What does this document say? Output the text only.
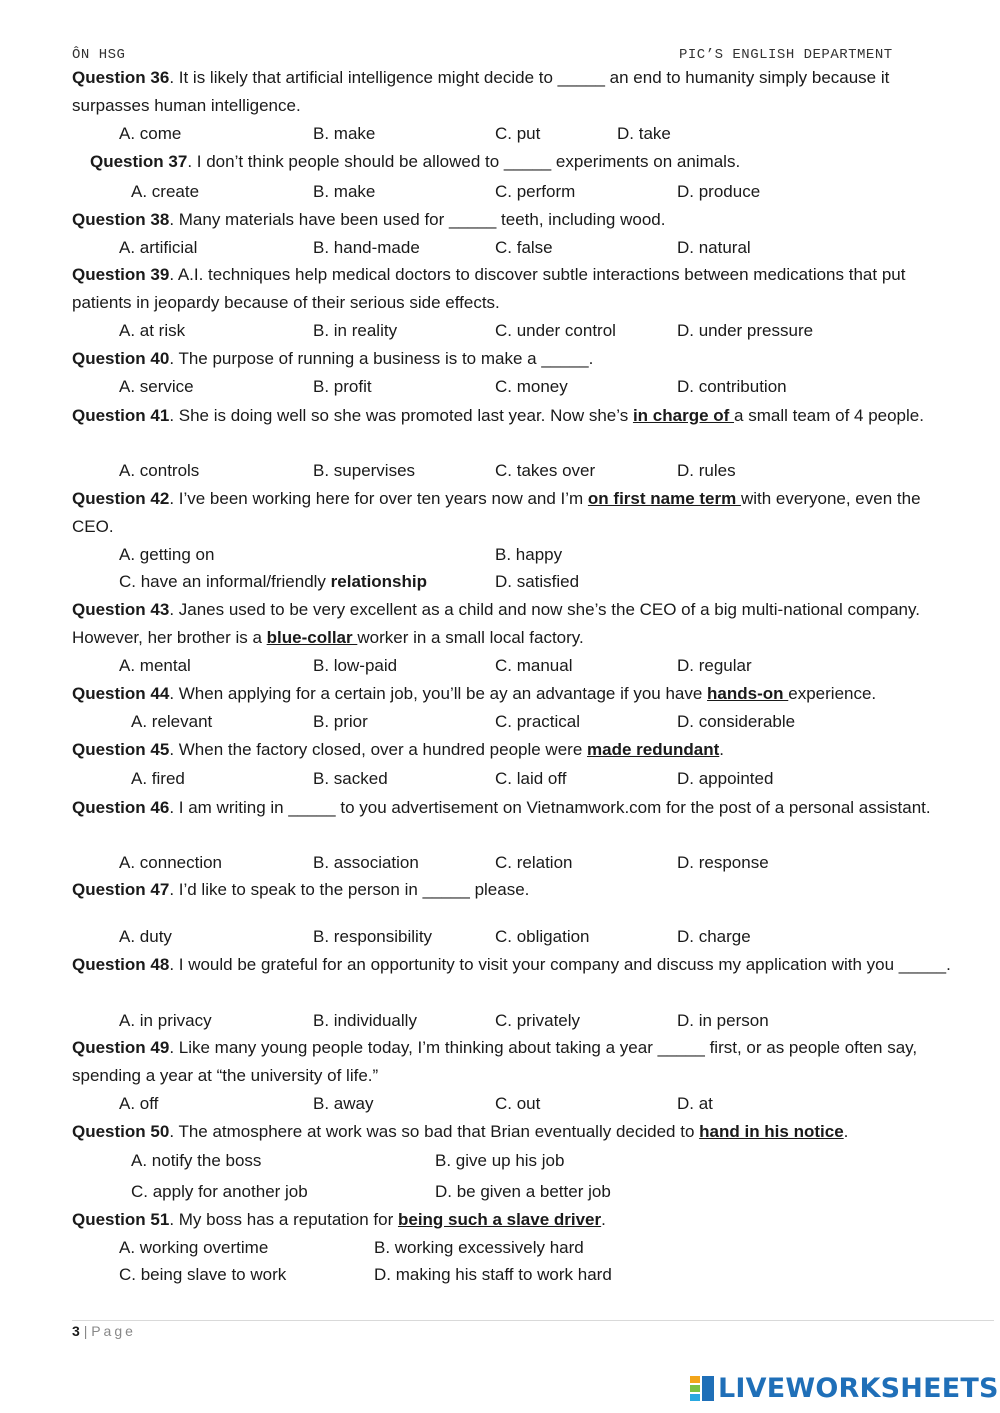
ÔN HSG	PIC’S ENGLISH DEPARTMENT
Question 36. It is likely that artificial intelligence might decide to _____ an end to humanity simply because it surpasses human intelligence.
A. come	B. make	C. put	D. take
Question 37. I don’t think people should be allowed to _____ experiments on animals.
A. create	B. make	C. perform	D. produce
Question 38. Many materials have been used for _____ teeth, including wood.
A. artificial	B. hand-made	C. false	D. natural
Question 39. A.I. techniques help medical doctors to discover subtle interactions between medications that put patients in jeopardy because of their serious side effects.
A. at risk	B. in reality	C. under control	D. under pressure
Question 40. The purpose of running a business is to make a _____.
A. service	B. profit	C. money	D. contribution
Question 41. She is doing well so she was promoted last year. Now she’s in charge of a small team of 4 people.
A. controls	B. supervises	C. takes over	D. rules
Question 42. I’ve been working here for over ten years now and I’m on first name term with everyone, even the CEO.
A. getting on	B. happy
C. have an informal/friendly relationship	D. satisfied
Question 43. Janes used to be very excellent as a child and now she’s the CEO of a big multi-national company. However, her brother is a blue-collar worker in a small local factory.
A. mental	B. low-paid	C. manual	D. regular
Question 44. When applying for a certain job, you’ll be ay an advantage if you have hands-on experience.
A. relevant	B. prior	C. practical	D. considerable
Question 45. When the factory closed, over a hundred people were made redundant.
A. fired	B. sacked	C. laid off	D. appointed
Question 46. I am writing in _____ to you advertisement on Vietnamwork.com for the post of a personal assistant.
A. connection	B. association	C. relation	D. response
Question 47. I’d like to speak to the person in _____ please.
A. duty	B. responsibility	C. obligation	D. charge
Question 48. I would be grateful for an opportunity to visit your company and discuss my application with you _____.
A. in privacy	B. individually	C. privately	D. in person
Question 49. Like many young people today, I’m thinking about taking a year _____ first, or as people often say, spending a year at “the university of life.”
A. off	B. away	C. out	D. at
Question 50. The atmosphere at work was so bad that Brian eventually decided to hand in his notice.
A. notify the boss	B. give up his job
C. apply for another job	D. be given a better job
Question 51. My boss has a reputation for being such a slave driver.
A. working overtime	B. working excessively hard
C. being slave to work	D. making his staff to work hard
3 | Page
LIVEWORKSHEETS
